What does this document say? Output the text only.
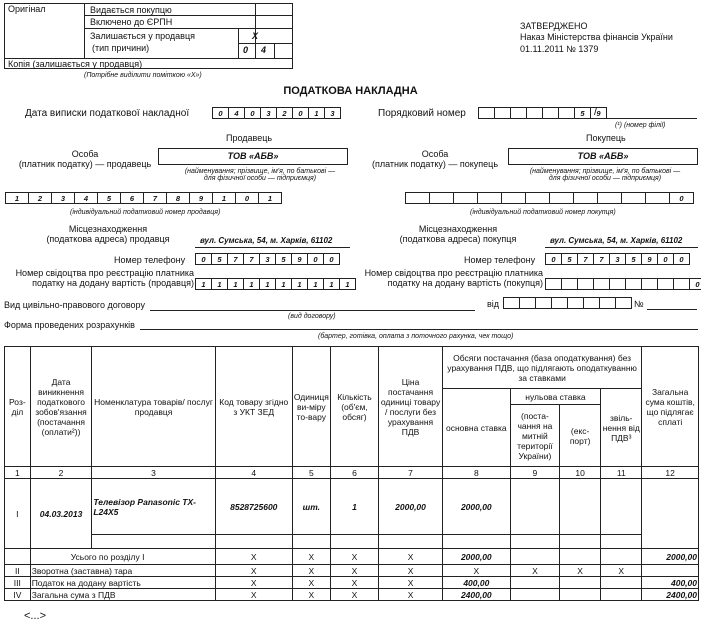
Оригінал	Видається покупцю
Включено до ЄРПН
Залишається у продавця
(тип причини)
X
0 4
Копія (залишається у продавця)
(Потрібне виділити поміткою «Х»)
ЗАТВЕРДЖЕНО
Наказ Міністерства фінансів України
01.11.2011 № 1379
ПОДАТКОВА НАКЛАДНА
Дата виписки податкової накладної	0	4	0	3	2	0	1	3	Порядковий номер	5	9
/
(¹) (номер філії)
Продавець
Особа
(платник податку) — продавець
ТОВ «АБВ»
(найменування; прізвище, ім'я, по батькові —
для фізичної особи — підприємця)
1	2	3	4	5	6	7	8	9	1	0	1
(індивідуальний податковий номер продавця)
Місцезнаходження
(податкова адреса) продавця	вул. Сумська, 54, м. Харків, 61102
Номер телефону	0	5	7	7	3	5	9	0	0
Номер свідоцтва про реєстрацію платника
податку на додану вартість (продавця) 1	1	1	1	1	1	1	1	1	1
Покупець
Особа
(платник податку) — покупець
ТОВ «АБВ»
(найменування; прізвище, ім'я, по батькові —
для фізичної особи — підприємця)
0
(індивідуальний податковий номер покупця)
Місцезнаходження
(податкова адреса) покупця	вул. Сумська, 54, м. Харків, 61102
Номер телефону	0	5	7	7	3	5	9	0	0
Номер свідоцтва про реєстрацію платника
податку на додану вартість (покупця)	0
Вид цивільно-правового договору
(вид договору)
від	№
Форма проведених розрахунків
(бартер, готівка, оплата з поточного рахунка, чек тощо)
Роз-діл	Дата виникнення податкового зобов'язання (постачання (оплати²))	Номенклатура товарів/ послуг продавця	Код товару згідно з УКТ ЗЕД	Одиниця ви-міру то-вару	Кількість (об'єм, обсяг)	Ціна постачання одиниці товару / послуги без урахування ПДВ	Обсяги постачання (база оподаткування) без урахування ПДВ, що підлягають оподаткуванню за ставками				Загальна сума коштів, що підлягає сплаті
							основна ставка	нульова ставка		звіль-нення від ПДВ³	
								(поста-чання на митній території України)	(екс-порт)		
1	2	3	4	5	6	7	8	9	10	11	12
I	04.03.2013	Телевізор Panasonic TX-L24X5	8528725600	шт.	1	2000,00	2000,00				

	Усього по розділу I		X	X	X	X	2000,00				2000,00
II	Зворотна (заставна) тара		X	X	X	X	X	X	X	X	
III	Податок на додану вартість		X	X	X	X	400,00				400,00
IV	Загальна сума з ПДВ		X	X	X	X	2400,00				2400,00
<...>
